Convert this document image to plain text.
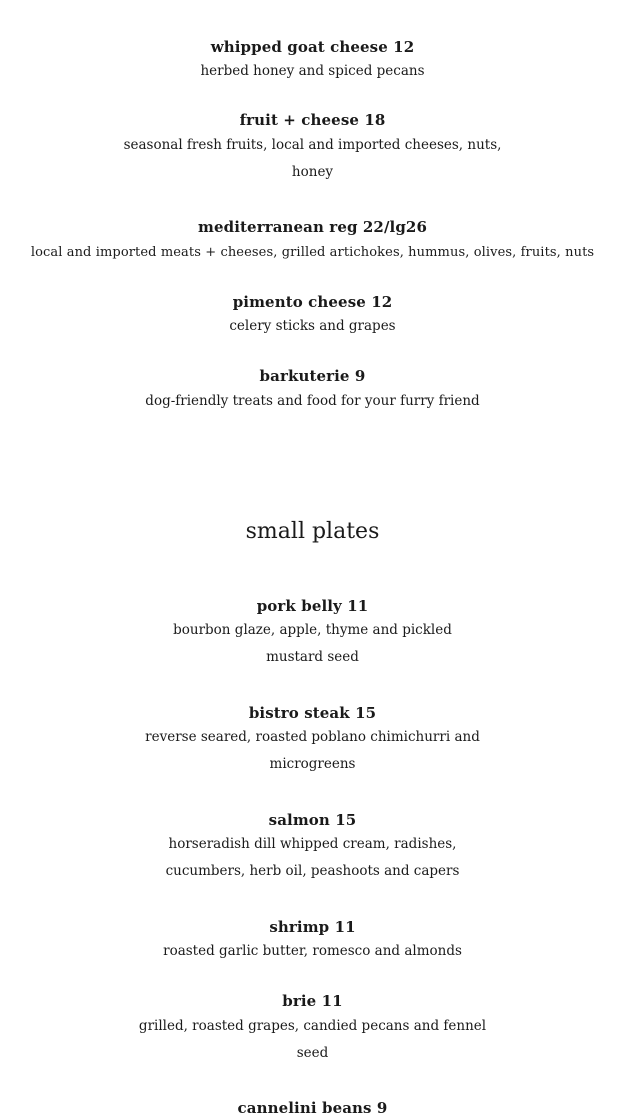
whipped goat cheese 12
herbed honey and spiced pecans
fruit + cheese 18
seasonal fresh fruits, local and imported cheeses, nuts,
honey
mediterranean reg 22/lg26
local and imported meats + cheeses, grilled artichokes, hummus, olives, fruits, nuts
pimento cheese 12
celery sticks and grapes
barkuterie 9
dog-friendly treats and food for your furry friend
small plates
pork belly 11
bourbon glaze, apple, thyme and pickled
mustard seed
bistro steak 15
reverse seared, roasted poblano chimichurri and
microgreens
salmon 15
horseradish dill whipped cream, radishes,
cucumbers, herb oil, peashoots and capers
shrimp 11
roasted garlic butter, romesco and almonds
brie 11
grilled, roasted grapes, candied pecans and fennel
seed
cannelini beans 9
